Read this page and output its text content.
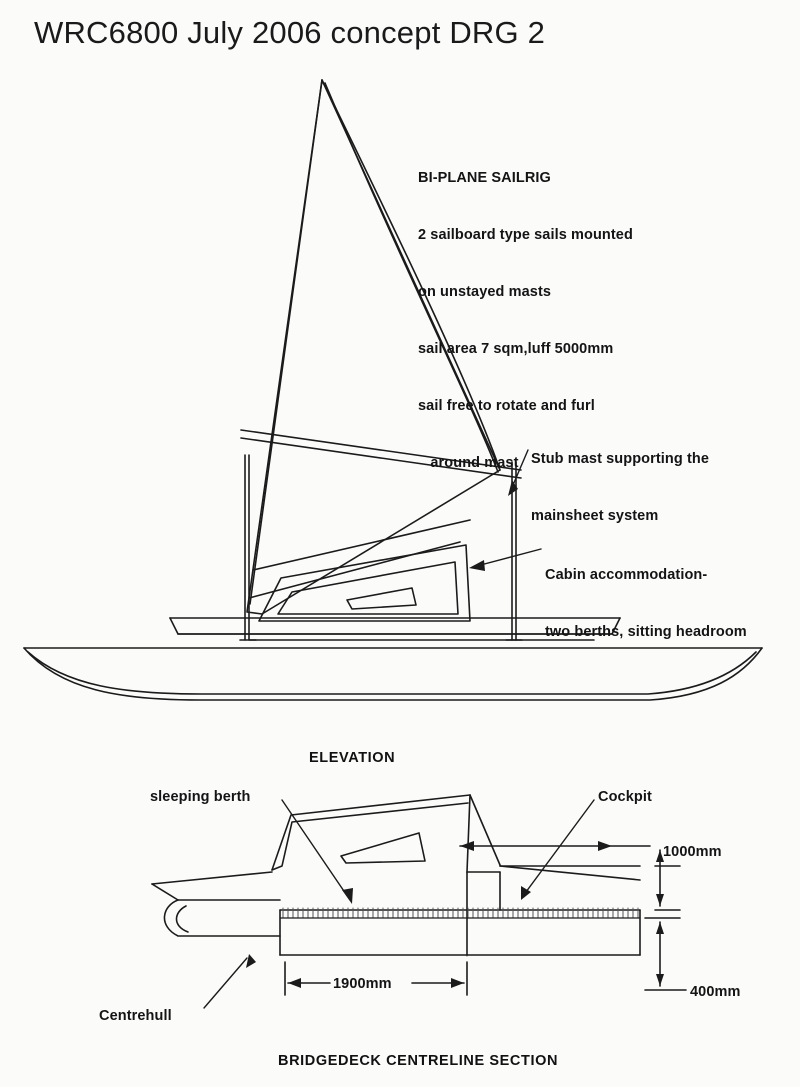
WRC6800 July 2006 concept DRG 2

BI-PLANE SAILRIG

2 sailboard type sails mounted

on unstayed masts

sail area 7 sqm,luff 5000mm

sail free to rotate and furl

around mast

Stub mast supporting the

mainsheet system

Cabin accommodation-

two berths, sitting headroom

sleeping berth	Cockpit
1000mm
400mm
1900mm
Centrehull
ELEVATION
BRIDGEDECK CENTRELINE SECTION
